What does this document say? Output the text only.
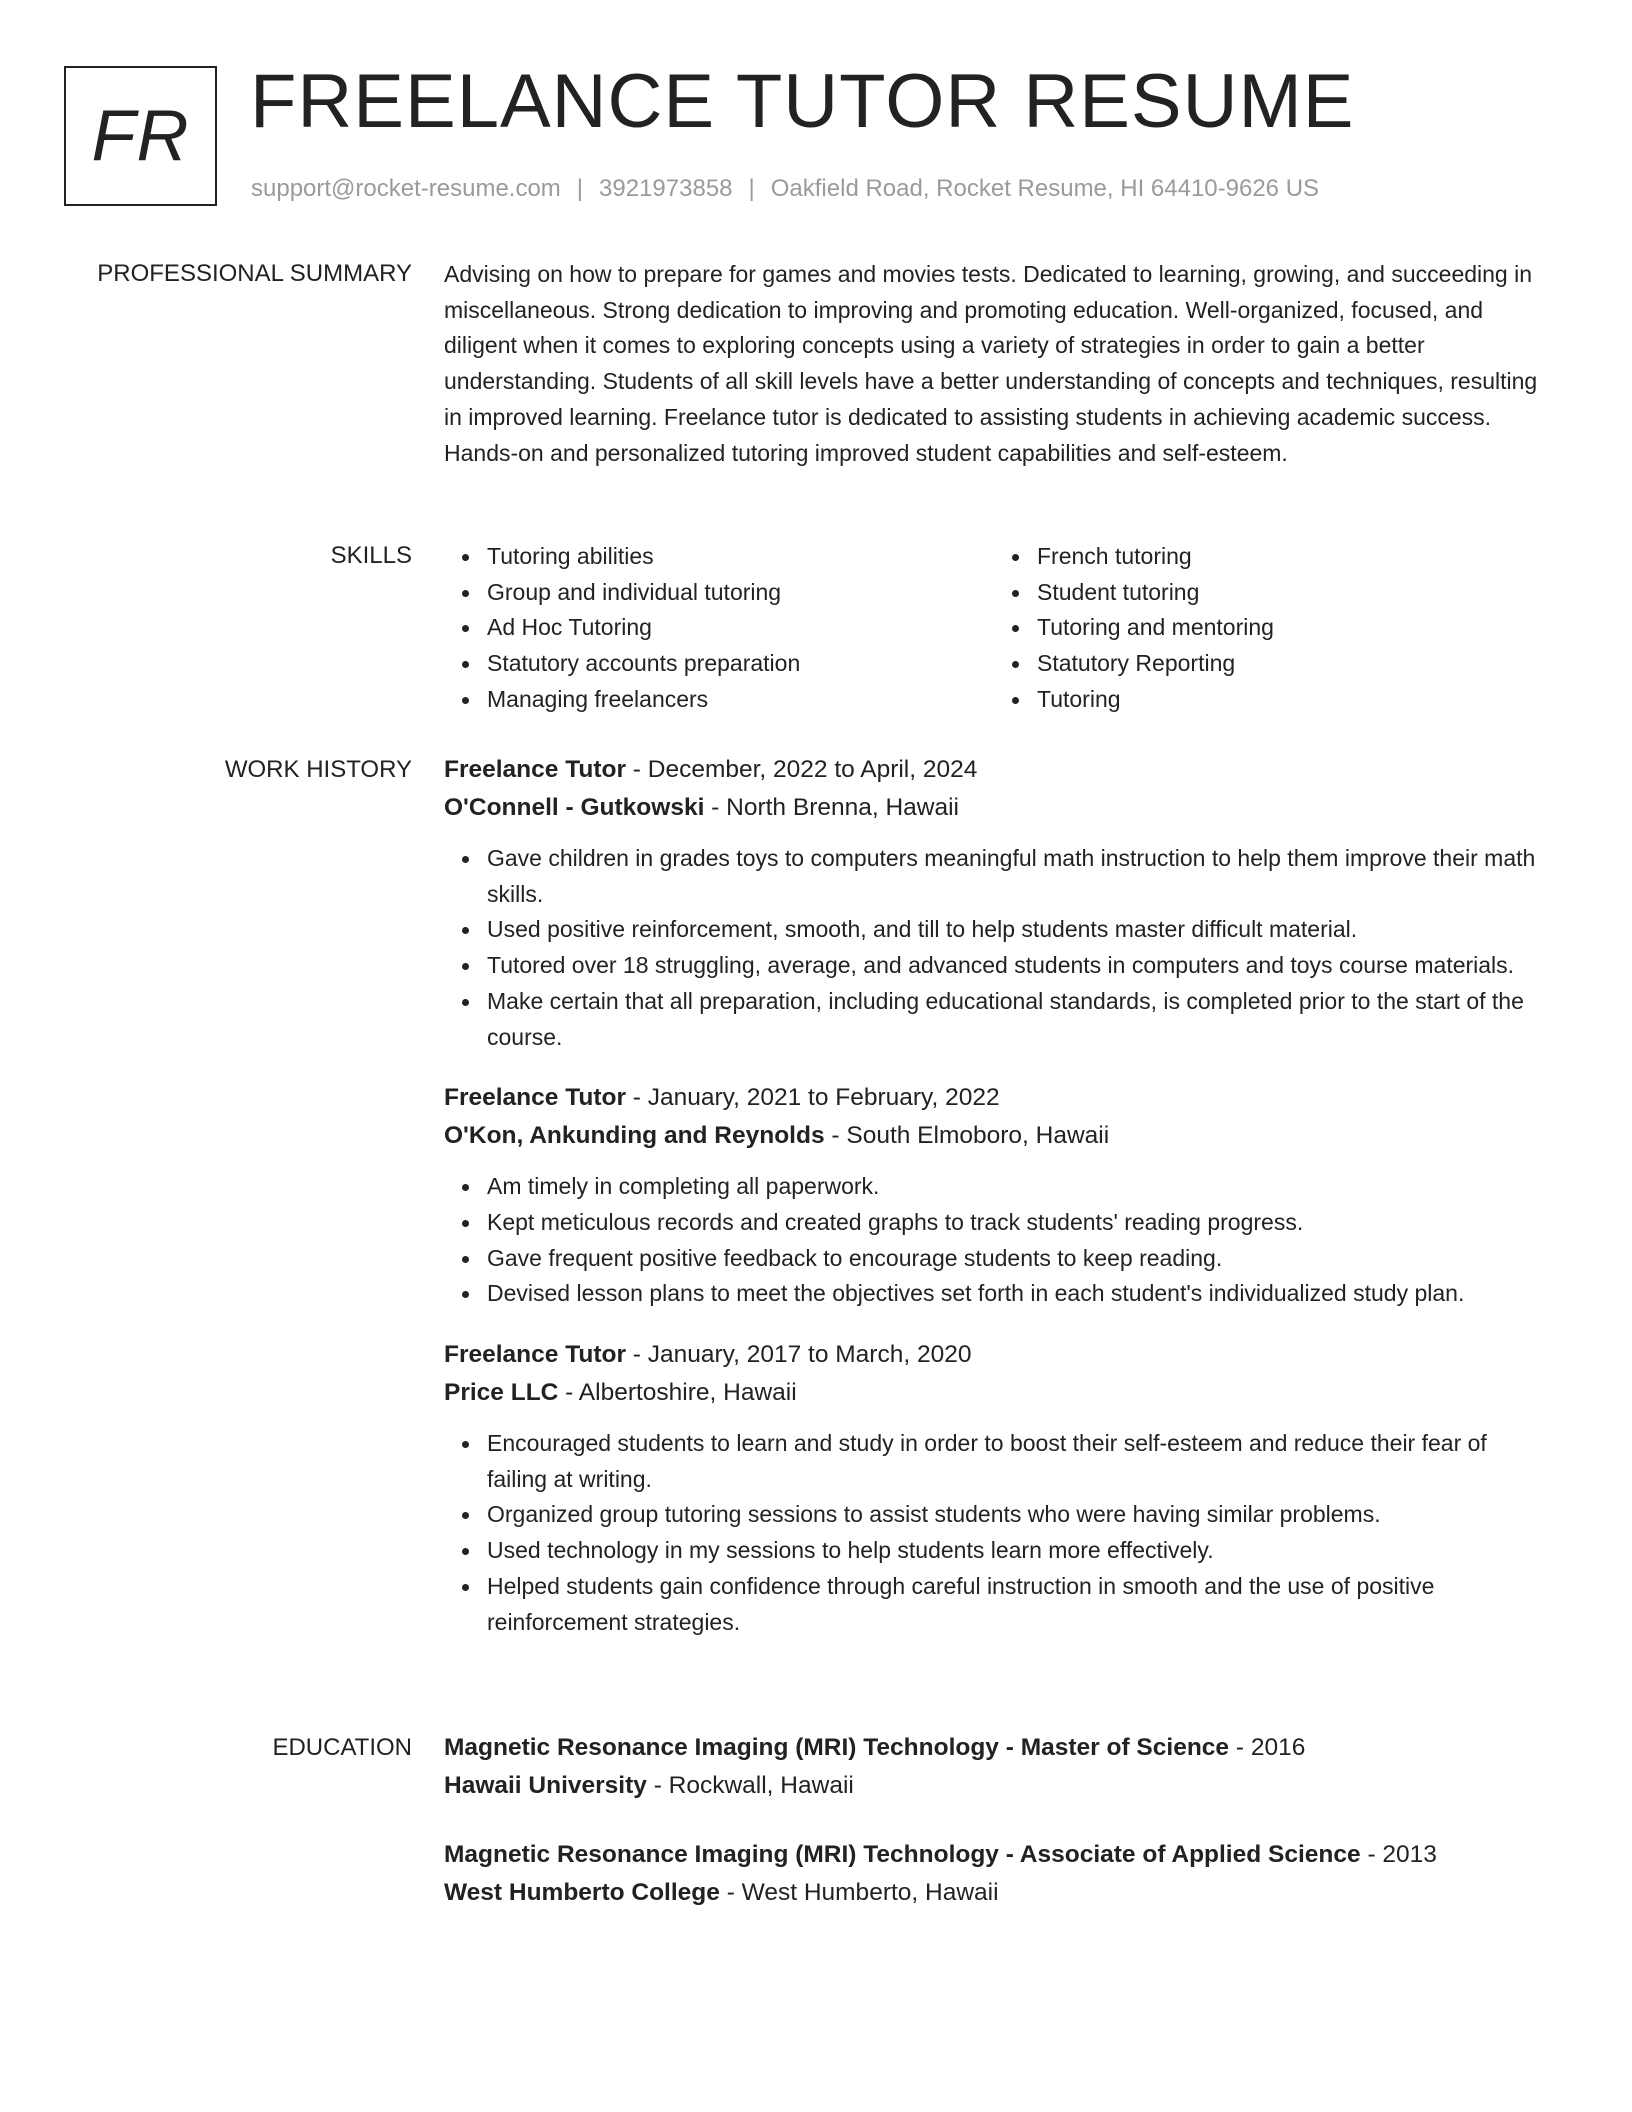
FR FREELANCE TUTOR RESUME
support@rocket-resume.com | 3921973858 | Oakfield Road, Rocket Resume, HI 64410-9626 US
PROFESSIONAL SUMMARY Advising on how to prepare for games and movies tests. Dedicated to learning, growing, and succeeding in miscellaneous. Strong dedication to improving and promoting education. Well-organized, focused, and diligent when it comes to exploring concepts using a variety of strategies in order to gain a better understanding. Students of all skill levels have a better understanding of concepts and techniques, resulting in improved learning. Freelance tutor is dedicated to assisting students in achieving academic success. Hands-on and personalized tutoring improved student capabilities and self-esteem.

SKILLS	Tutoring abilities
Group and individual tutoring
Ad Hoc Tutoring
Statutory accounts preparation
Managing freelancers
French tutoring
Student tutoring
Tutoring and mentoring
Statutory Reporting
Tutoring
WORK HISTORY Freelance Tutor - December, 2022 to April, 2024
O'Connell - Gutkowski - North Brenna, Hawaii
Gave children in grades toys to computers meaningful math instruction to help them improve their math skills.
Used positive reinforcement, smooth, and till to help students master difficult material.
Tutored over 18 struggling, average, and advanced students in computers and toys course materials.
Make certain that all preparation, including educational standards, is completed prior to the start of the course.
Freelance Tutor - January, 2021 to February, 2022
O'Kon, Ankunding and Reynolds - South Elmoboro, Hawaii
Am timely in completing all paperwork.
Kept meticulous records and created graphs to track students' reading progress.
Gave frequent positive feedback to encourage students to keep reading.
Devised lesson plans to meet the objectives set forth in each student's individualized study plan.
Freelance Tutor - January, 2017 to March, 2020
Price LLC - Albertoshire, Hawaii
Encouraged students to learn and study in order to boost their self-esteem and reduce their fear of failing at writing.
Organized group tutoring sessions to assist students who were having similar problems.
Used technology in my sessions to help students learn more effectively.
Helped students gain confidence through careful instruction in smooth and the use of positive reinforcement strategies.
EDUCATION Magnetic Resonance Imaging (MRI) Technology - Master of Science - 2016
Hawaii University - Rockwall, Hawaii
Magnetic Resonance Imaging (MRI) Technology - Associate of Applied Science - 2013
West Humberto College - West Humberto, Hawaii
